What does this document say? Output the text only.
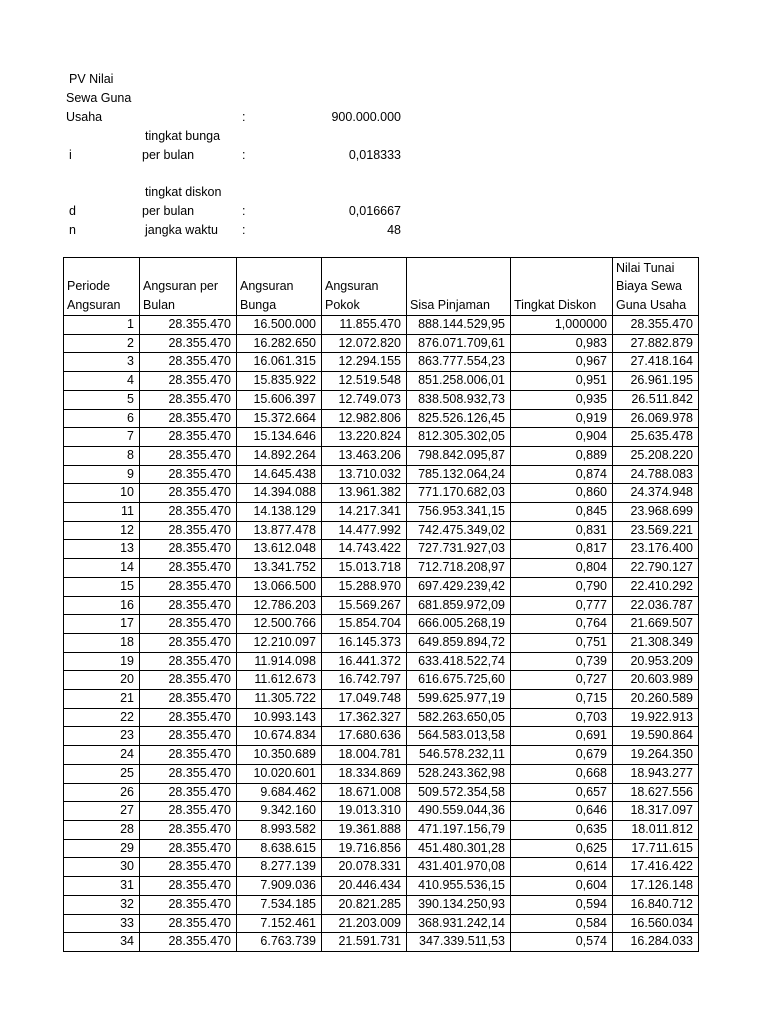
PV Nilai
Sewa Guna
Usaha	:	900.000.000
tingkat bunga
i	per bulan	:	0,018333
tingkat diskon
d	per bulan	:	0,016667
n	jangka waktu :	48
Periode Angsuran	Angsuran per Bulan	Angsuran Bunga	Angsuran Pokok	Sisa Pinjaman	Tingkat Diskon	Nilai Tunai Biaya Sewa Guna Usaha
1	28.355.470	16.500.000	11.855.470	888.144.529,95	1,000000	28.355.470
2	28.355.470	16.282.650	12.072.820	876.071.709,61	0,983	27.882.879
3	28.355.470	16.061.315	12.294.155	863.777.554,23	0,967	27.418.164
4	28.355.470	15.835.922	12.519.548	851.258.006,01	0,951	26.961.195
5	28.355.470	15.606.397	12.749.073	838.508.932,73	0,935	26.511.842
6	28.355.470	15.372.664	12.982.806	825.526.126,45	0,919	26.069.978
7	28.355.470	15.134.646	13.220.824	812.305.302,05	0,904	25.635.478
8	28.355.470	14.892.264	13.463.206	798.842.095,87	0,889	25.208.220
9	28.355.470	14.645.438	13.710.032	785.132.064,24	0,874	24.788.083
10	28.355.470	14.394.088	13.961.382	771.170.682,03	0,860	24.374.948
11	28.355.470	14.138.129	14.217.341	756.953.341,15	0,845	23.968.699
12	28.355.470	13.877.478	14.477.992	742.475.349,02	0,831	23.569.221
13	28.355.470	13.612.048	14.743.422	727.731.927,03	0,817	23.176.400
14	28.355.470	13.341.752	15.013.718	712.718.208,97	0,804	22.790.127
15	28.355.470	13.066.500	15.288.970	697.429.239,42	0,790	22.410.292
16	28.355.470	12.786.203	15.569.267	681.859.972,09	0,777	22.036.787
17	28.355.470	12.500.766	15.854.704	666.005.268,19	0,764	21.669.507
18	28.355.470	12.210.097	16.145.373	649.859.894,72	0,751	21.308.349
19	28.355.470	11.914.098	16.441.372	633.418.522,74	0,739	20.953.209
20	28.355.470	11.612.673	16.742.797	616.675.725,60	0,727	20.603.989
21	28.355.470	11.305.722	17.049.748	599.625.977,19	0,715	20.260.589
22	28.355.470	10.993.143	17.362.327	582.263.650,05	0,703	19.922.913
23	28.355.470	10.674.834	17.680.636	564.583.013,58	0,691	19.590.864
24	28.355.470	10.350.689	18.004.781	546.578.232,11	0,679	19.264.350
25	28.355.470	10.020.601	18.334.869	528.243.362,98	0,668	18.943.277
26	28.355.470	9.684.462	18.671.008	509.572.354,58	0,657	18.627.556
27	28.355.470	9.342.160	19.013.310	490.559.044,36	0,646	18.317.097
28	28.355.470	8.993.582	19.361.888	471.197.156,79	0,635	18.011.812
29	28.355.470	8.638.615	19.716.856	451.480.301,28	0,625	17.711.615
30	28.355.470	8.277.139	20.078.331	431.401.970,08	0,614	17.416.422
31	28.355.470	7.909.036	20.446.434	410.955.536,15	0,604	17.126.148
32	28.355.470	7.534.185	20.821.285	390.134.250,93	0,594	16.840.712
33	28.355.470	7.152.461	21.203.009	368.931.242,14	0,584	16.560.034
34	28.355.470	6.763.739	21.591.731	347.339.511,53	0,574	16.284.033
